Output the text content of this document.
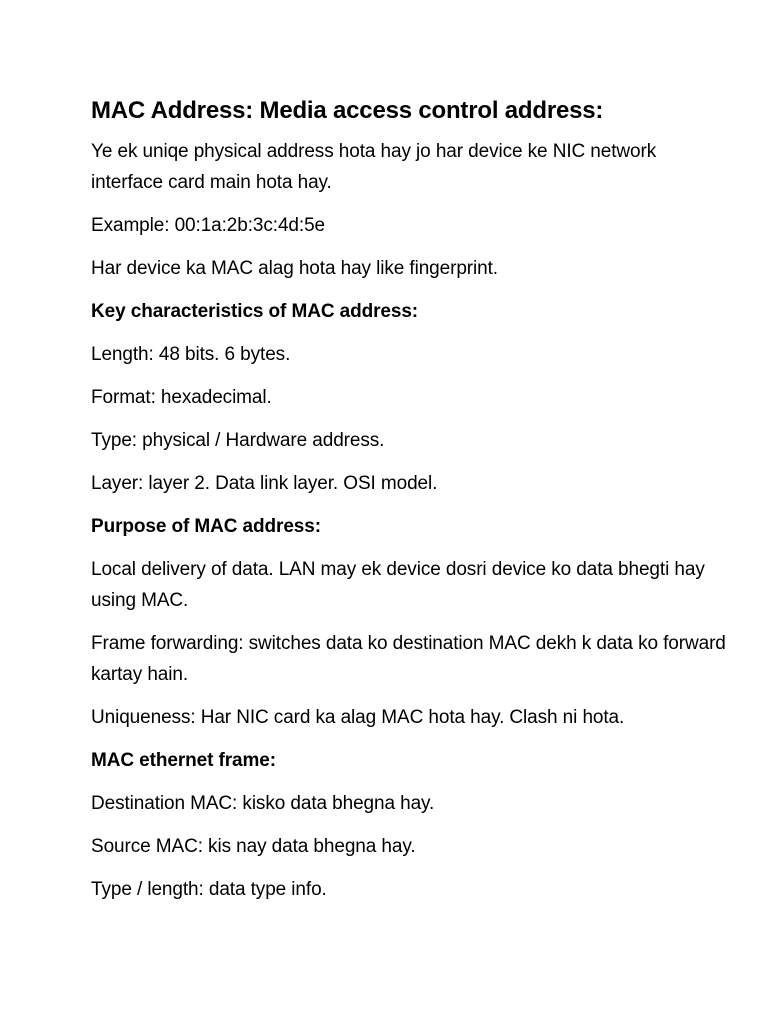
MAC Address: Media access control address:

Ye ek uniqe physical address hota hay jo har device ke NIC network interface card main hota hay.

Example: 00:1a:2b:3c:4d:5e

Har device ka MAC alag hota hay like fingerprint.

Key characteristics of MAC address:

Length: 48 bits. 6 bytes.

Format: hexadecimal.

Type: physical / Hardware address.

Layer: layer 2. Data link layer. OSI model.

Purpose of MAC address:

Local delivery of data. LAN may ek device dosri device ko data bhegti hay using MAC.

Frame forwarding: switches data ko destination MAC dekh k data ko forward kartay hain.

Uniqueness: Har NIC card ka alag MAC hota hay. Clash ni hota.

MAC ethernet frame:

Destination MAC: kisko data bhegna hay.

Source MAC: kis nay data bhegna hay.

Type / length: data type info.
